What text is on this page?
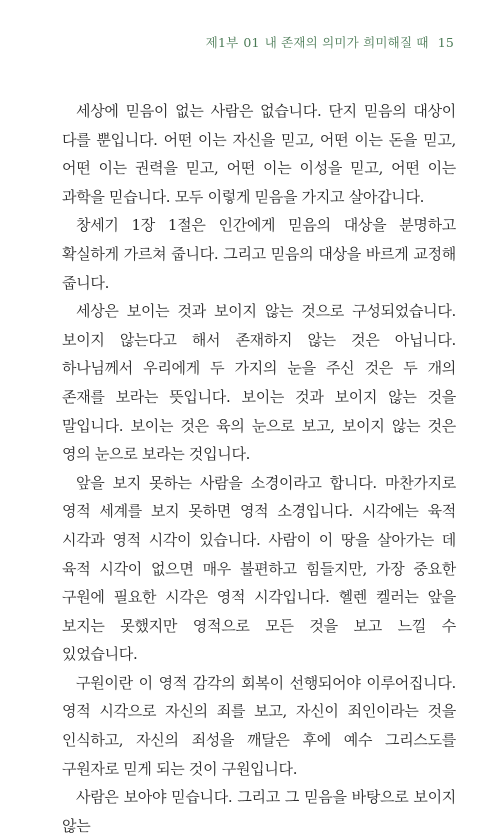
제1부 01 내 존재의 의미가 희미해질 때 15

세상에 믿음이 없는 사람은 없습니다. 단지 믿음의 대상이 다를 뿐입니다. 어떤 이는 자신을 믿고, 어떤 이는 돈을 믿고, 어떤 이는 권력을 믿고, 어떤 이는 이성을 믿고, 어떤 이는 과학을 믿습니다. 모두 이렇게 믿음을 가지고 살아갑니다.

창세기 1장 1절은 인간에게 믿음의 대상을 분명하고 확실하게 가르쳐 줍니다. 그리고 믿음의 대상을 바르게 교정해 줍니다.

세상은 보이는 것과 보이지 않는 것으로 구성되었습니다. 보이지 않는다고 해서 존재하지 않는 것은 아닙니다. 하나님께서 우리에게 두 가지의 눈을 주신 것은 두 개의 존재를 보라는 뜻입니다. 보이는 것과 보이지 않는 것을 말입니다. 보이는 것은 육의 눈으로 보고, 보이지 않는 것은 영의 눈으로 보라는 것입니다.

앞을 보지 못하는 사람을 소경이라고 합니다. 마찬가지로 영적 세계를 보지 못하면 영적 소경입니다. 시각에는 육적 시각과 영적 시각이 있습니다. 사람이 이 땅을 살아가는 데 육적 시각이 없으면 매우 불편하고 힘들지만, 가장 중요한 구원에 필요한 시각은 영적 시각입니다. 헬렌 켈러는 앞을 보지는 못했지만 영적으로 모든 것을 보고 느낄 수 있었습니다.

구원이란 이 영적 감각의 회복이 선행되어야 이루어집니다. 영적 시각으로 자신의 죄를 보고, 자신이 죄인이라는 것을 인식하고, 자신의 죄성을 깨달은 후에 예수 그리스도를 구원자로 믿게 되는 것이 구원입니다.

사람은 보아야 믿습니다. 그리고 그 믿음을 바탕으로 보이지 않는
